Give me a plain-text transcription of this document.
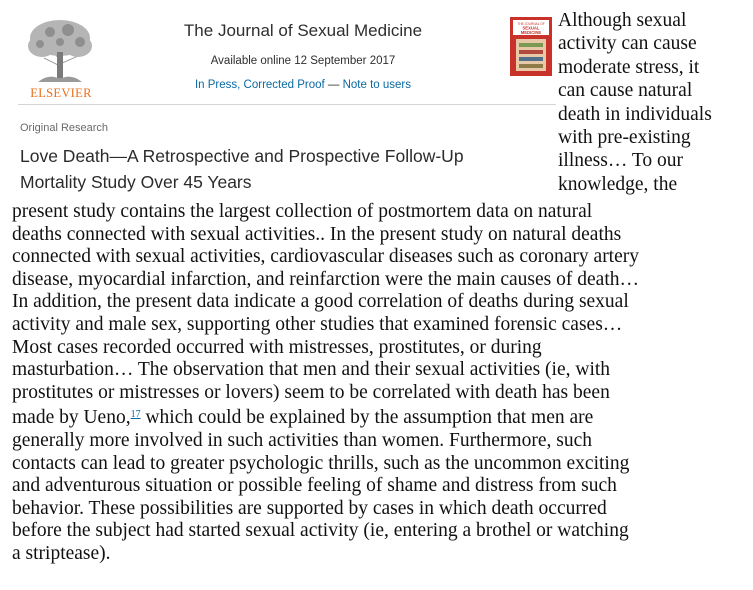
ELSEVIER
The Journal of Sexual Medicine
Available online 12 September 2017
In Press, Corrected Proof — Note to users
THE JOURNAL OF
SEXUAL
MEDICINE
Original Research
Love Death—A Retrospective and Prospective Follow-Up
Mortality Study Over 45 Years
Although sexual
activity can cause
moderate stress, it
can cause natural
death in individuals
with pre-existing
illness… To our
knowledge, the
present study contains the largest collection of postmortem data on natural
deaths connected with sexual activities.. In the present study on natural deaths
connected with sexual activities, cardiovascular diseases such as coronary artery
disease, myocardial infarction, and reinfarction were the main causes of death…
In addition, the present data indicate a good correlation of deaths during sexual
activity and male sex, supporting other studies that examined forensic cases…
Most cases recorded occurred with mistresses, prostitutes, or during
masturbation… The observation that men and their sexual activities (ie, with
prostitutes or mistresses or lovers) seem to be correlated with death has been
made by Ueno,$^{17}$ which could be explained by the assumption that men are
generally more involved in such activities than women. Furthermore, such
contacts can lead to greater psychologic thrills, such as the uncommon exciting
and adventurous situation or possible feeling of shame and distress from such
behavior. These possibilities are supported by cases in which death occurred
before the subject had started sexual activity (ie, entering a brothel or watching
a striptease).
